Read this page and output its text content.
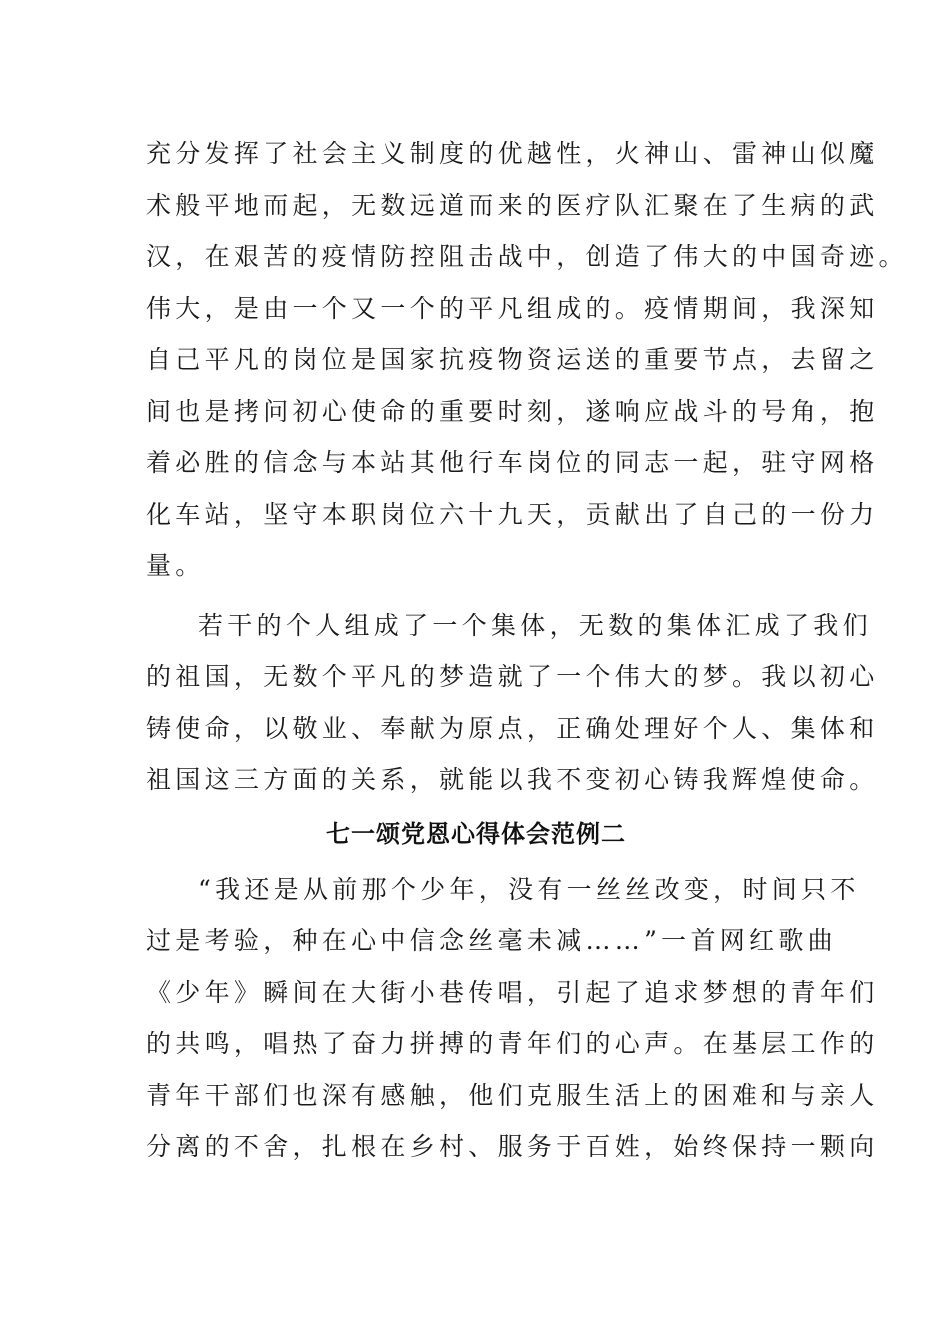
充分发挥了社会主义制度的优越性，火神山、雷神山似魔
术般平地而起，无数远道而来的医疗队汇聚在了生病的武
汉，在艰苦的疫情防控阻击战中，创造了伟大的中国奇迹。
伟大，是由一个又一个的平凡组成的。疫情期间，我深知
自己平凡的岗位是国家抗疫物资运送的重要节点，去留之
间也是拷问初心使命的重要时刻，遂响应战斗的号角，抱
着必胜的信念与本站其他行车岗位的同志一起，驻守网格
化车站，坚守本职岗位六十九天，贡献出了自己的一份力
量。
若干的个人组成了一个集体，无数的集体汇成了我们
的祖国，无数个平凡的梦造就了一个伟大的梦。我以初心
铸使命，以敬业、奉献为原点，正确处理好个人、集体和
祖国这三方面的关系，就能以我不变初心铸我辉煌使命。
七一颂党恩心得体会范例二
“我还是从前那个少年，没有一丝丝改变，时间只不
过是考验，种在心中信念丝毫未减……”一首网红歌曲
《少年》瞬间在大街小巷传唱，引起了追求梦想的青年们
的共鸣，唱热了奋力拼搏的青年们的心声。在基层工作的
青年干部们也深有感触，他们克服生活上的困难和与亲人
分离的不舍，扎根在乡村、服务于百姓，始终保持一颗向
